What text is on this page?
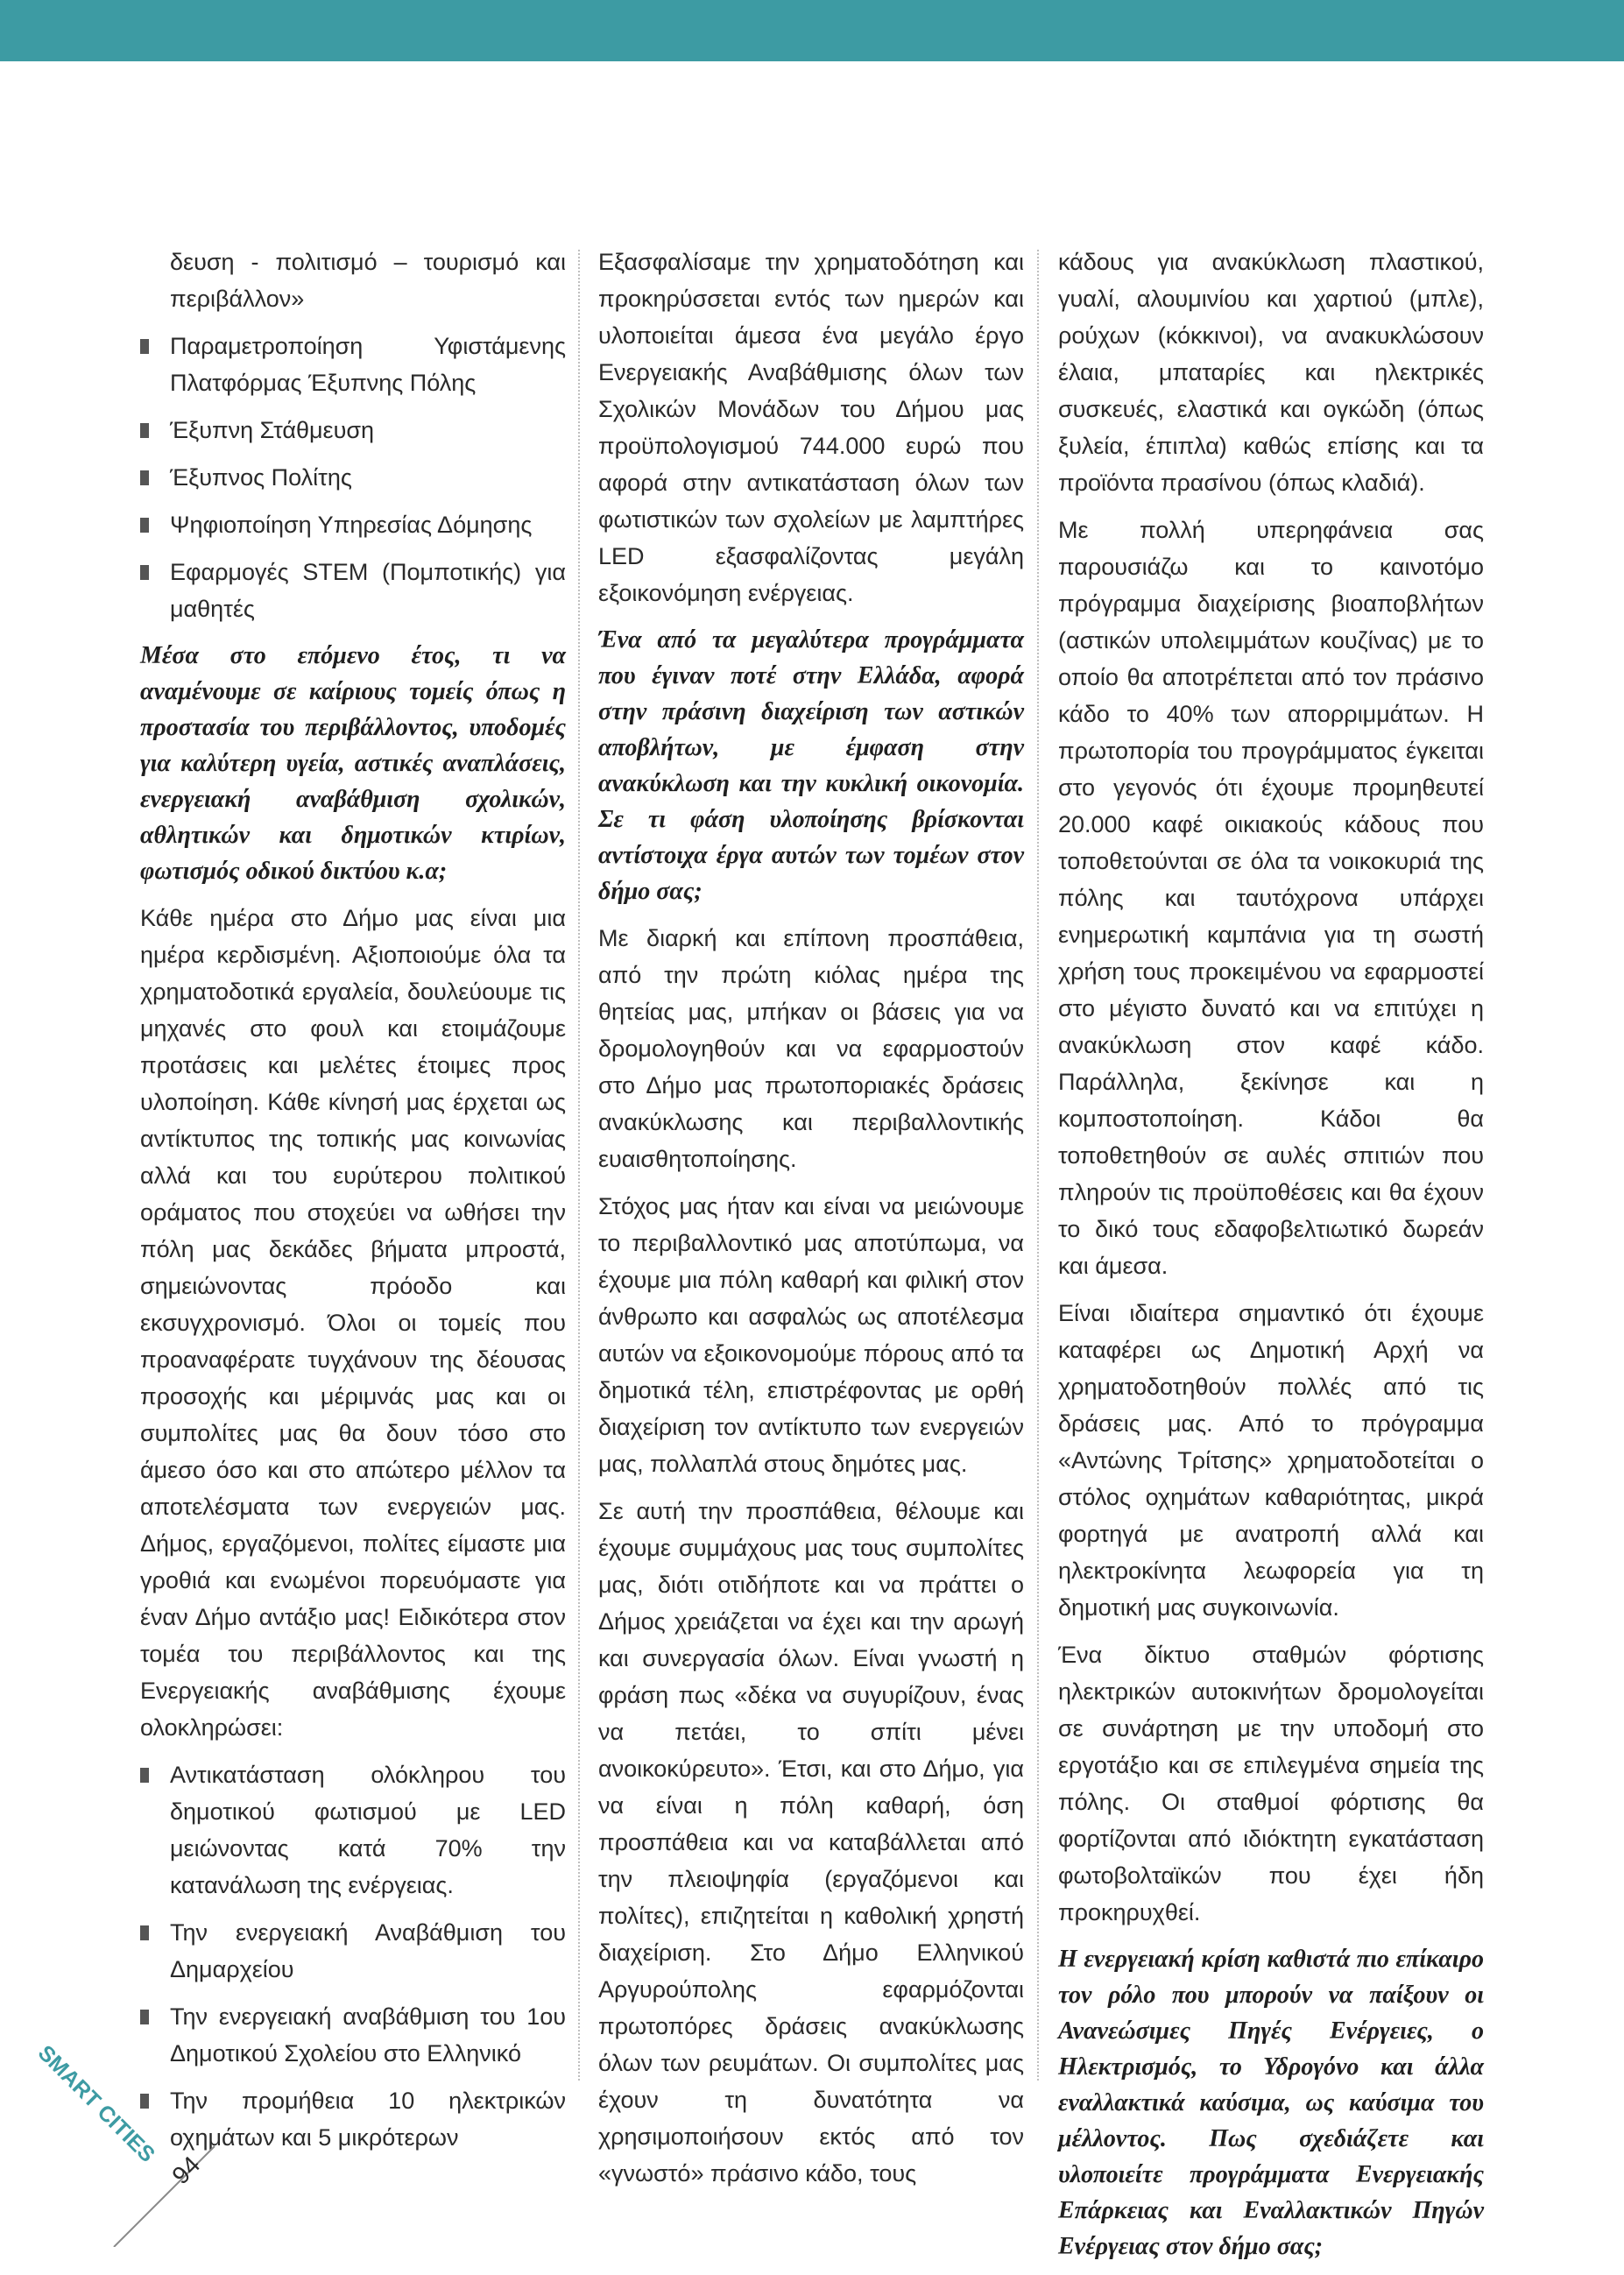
δευση - πολιτισμό – τουρισμό και περιβάλλον»
Παραμετροποίηση Υφιστάμενης Πλατφόρμας Έξυπνης Πόλης
Έξυπνη Στάθμευση
Έξυπνος Πολίτης
Ψηφιοποίηση Υπηρεσίας Δόμησης
Εφαρμογές STEM (Πομποτικής) για μαθητές

Μέσα στο επόμενο έτος, τι να αναμένουμε σε καίριους τομείς όπως η προστασία του περιβάλλοντος, υποδομές για καλύτερη υγεία, αστικές αναπλάσεις, ενεργειακή αναβάθμιση σχολικών, αθλητικών και δημοτικών κτιρίων, φωτισμός οδικού δικτύου κ.α;

Κάθε ημέρα στο Δήμο μας είναι μια ημέρα κερδισμένη. Αξιοποιούμε όλα τα χρηματοδοτικά εργαλεία, δουλεύουμε τις μηχανές στο φουλ και ετοιμάζουμε προτάσεις και μελέτες έτοιμες προς υλοποίηση. Κάθε κίνησή μας έρχεται ως αντίκτυπος της τοπικής μας κοινωνίας αλλά και του ευρύτερου πολιτικού οράματος που στοχεύει να ωθήσει την πόλη μας δεκάδες βήματα μπροστά, σημειώνοντας πρόοδο και εκσυγχρονισμό. Όλοι οι τομείς που προαναφέρατε τυγχάνουν της δέουσας προσοχής και μέριμνάς μας και οι συμπολίτες μας θα δουν τόσο στο άμεσο όσο και στο απώτερο μέλλον τα αποτελέσματα των ενεργειών μας. Δήμος, εργαζόμενοι, πολίτες είμαστε μια γροθιά και ενωμένοι πορευόμαστε για έναν Δήμο αντάξιο μας! Ειδικότερα στον τομέα του περιβάλλοντος και της Ενεργειακής αναβάθμισης έχουμε ολοκληρώσει:

Αντικατάσταση ολόκληρου του δημοτικού φωτισμού με LED μειώνοντας κατά 70% την κατανάλωση της ενέργειας.
Την ενεργειακή Αναβάθμιση του Δημαρχείου
Την ενεργειακή αναβάθμιση του 1ου Δημοτικού Σχολείου στο Ελληνικό
Την προμήθεια 10 ηλεκτρικών οχημάτων και 5 μικρότερων

Εξασφαλίσαμε την χρηματοδότηση και προκηρύσσεται εντός των ημερών και υλοποιείται άμεσα ένα μεγάλο έργο Ενεργειακής Αναβάθμισης όλων των Σχολικών Μονάδων του Δήμου μας προϋπολογισμού 744.000 ευρώ που αφορά στην αντικατάσταση όλων των φωτιστικών των σχολείων με λαμπτήρες LED εξασφαλίζοντας μεγάλη εξοικονόμηση ενέργειας.

Ένα από τα μεγαλύτερα προγράμματα που έγιναν ποτέ στην Ελλάδα, αφορά στην πράσινη διαχείριση των αστικών αποβλήτων, με έμφαση στην ανακύκλωση και την κυκλική οικονομία. Σε τι φάση υλοποίησης βρίσκονται αντίστοιχα έργα αυτών των τομέων στον δήμο σας;

Με διαρκή και επίπονη προσπάθεια, από την πρώτη κιόλας ημέρα της θητείας μας, μπήκαν οι βάσεις για να δρομολογηθούν και να εφαρμοστούν στο Δήμο μας πρωτοποριακές δράσεις ανακύκλωσης και περιβαλλοντικής ευαισθητοποίησης.

Στόχος μας ήταν και είναι να μειώνουμε το περιβαλλοντικό μας αποτύπωμα, να έχουμε μια πόλη καθαρή και φιλική στον άνθρωπο και ασφαλώς ως αποτέλεσμα αυτών να εξοικονομούμε πόρους από τα δημοτικά τέλη, επιστρέφοντας με ορθή διαχείριση τον αντίκτυπο των ενεργειών μας, πολλαπλά στους δημότες μας.

Σε αυτή την προσπάθεια, θέλουμε και έχουμε συμμάχους μας τους συμπολίτες μας, διότι οτιδήποτε και να πράττει ο Δήμος χρειάζεται να έχει και την αρωγή και συνεργασία όλων. Είναι γνωστή η φράση πως «δέκα να συγυρίζουν, ένας να πετάει, το σπίτι μένει ανοικοκύρευτο». Έτσι, και στο Δήμο, για να είναι η πόλη καθαρή, όση προσπάθεια και να καταβάλλεται από την πλειοψηφία (εργαζόμενοι και πολίτες), επιζητείται η καθολική χρηστή διαχείριση. Στο Δήμο Ελληνικού Αργυρούπολης εφαρμόζονται πρωτοπόρες δράσεις ανακύκλωσης όλων των ρευμάτων. Οι συμπολίτες μας έχουν τη δυνατότητα να χρησιμοποιήσουν εκτός από τον «γνωστό» πράσινο κάδο, τους

κάδους για ανακύκλωση πλαστικού, γυαλί, αλουμινίου και χαρτιού (μπλε), ρούχων (κόκκινοι), να ανακυκλώσουν έλαια, μπαταρίες και ηλεκτρικές συσκευές, ελαστικά και ογκώδη (όπως ξυλεία, έπιπλα) καθώς επίσης και τα προϊόντα πρασίνου (όπως κλαδιά).

Με πολλή υπερηφάνεια σας παρουσιάζω και το καινοτόμο πρόγραμμα διαχείρισης βιοαποβλήτων (αστικών υπολειμμάτων κουζίνας) με το οποίο θα αποτρέπεται από τον πράσινο κάδο το 40% των απορριμμάτων. Η πρωτοπορία του προγράμματος έγκειται στο γεγονός ότι έχουμε προμηθευτεί 20.000 καφέ οικιακούς κάδους που τοποθετούνται σε όλα τα νοικοκυριά της πόλης και ταυτόχρονα υπάρχει ενημερωτική καμπάνια για τη σωστή χρήση τους προκειμένου να εφαρμοστεί στο μέγιστο δυνατό και να επιτύχει η ανακύκλωση στον καφέ κάδο. Παράλληλα, ξεκίνησε και η κομποστοποίηση. Κάδοι θα τοποθετηθούν σε αυλές σπιτιών που πληρούν τις προϋποθέσεις και θα έχουν το δικό τους εδαφοβελτιωτικό δωρεάν και άμεσα.

Είναι ιδιαίτερα σημαντικό ότι έχουμε καταφέρει ως Δημοτική Αρχή να χρηματοδοτηθούν πολλές από τις δράσεις μας. Από το πρόγραμμα «Αντώνης Τρίτσης» χρηματοδοτείται ο στόλος οχημάτων καθαριότητας, μικρά φορτηγά με ανατροπή αλλά και ηλεκτροκίνητα λεωφορεία για τη δημοτική μας συγκοινωνία.

Ένα δίκτυο σταθμών φόρτισης ηλεκτρικών αυτοκινήτων δρομολογείται σε συνάρτηση με την υποδομή στο εργοτάξιο και σε επιλεγμένα σημεία της πόλης. Οι σταθμοί φόρτισης θα φορτίζονται από ιδιόκτητη εγκατάσταση φωτοβολταϊκών που έχει ήδη προκηρυχθεί.

Η ενεργειακή κρίση καθιστά πιο επίκαιρο τον ρόλο που μπορούν να παίξουν οι Ανανεώσιμες Πηγές Ενέργειες, ο Ηλεκτρισμός, το Υδρογόνο και άλλα εναλλακτικά καύσιμα, ως καύσιμα του μέλλοντος. Πως σχεδιάζετε και υλοποιείτε προγράμματα Ενεργειακής Επάρκειας και Εναλλακτικών Πηγών Ενέργειας στον δήμο σας;

SMART CITIES
94
